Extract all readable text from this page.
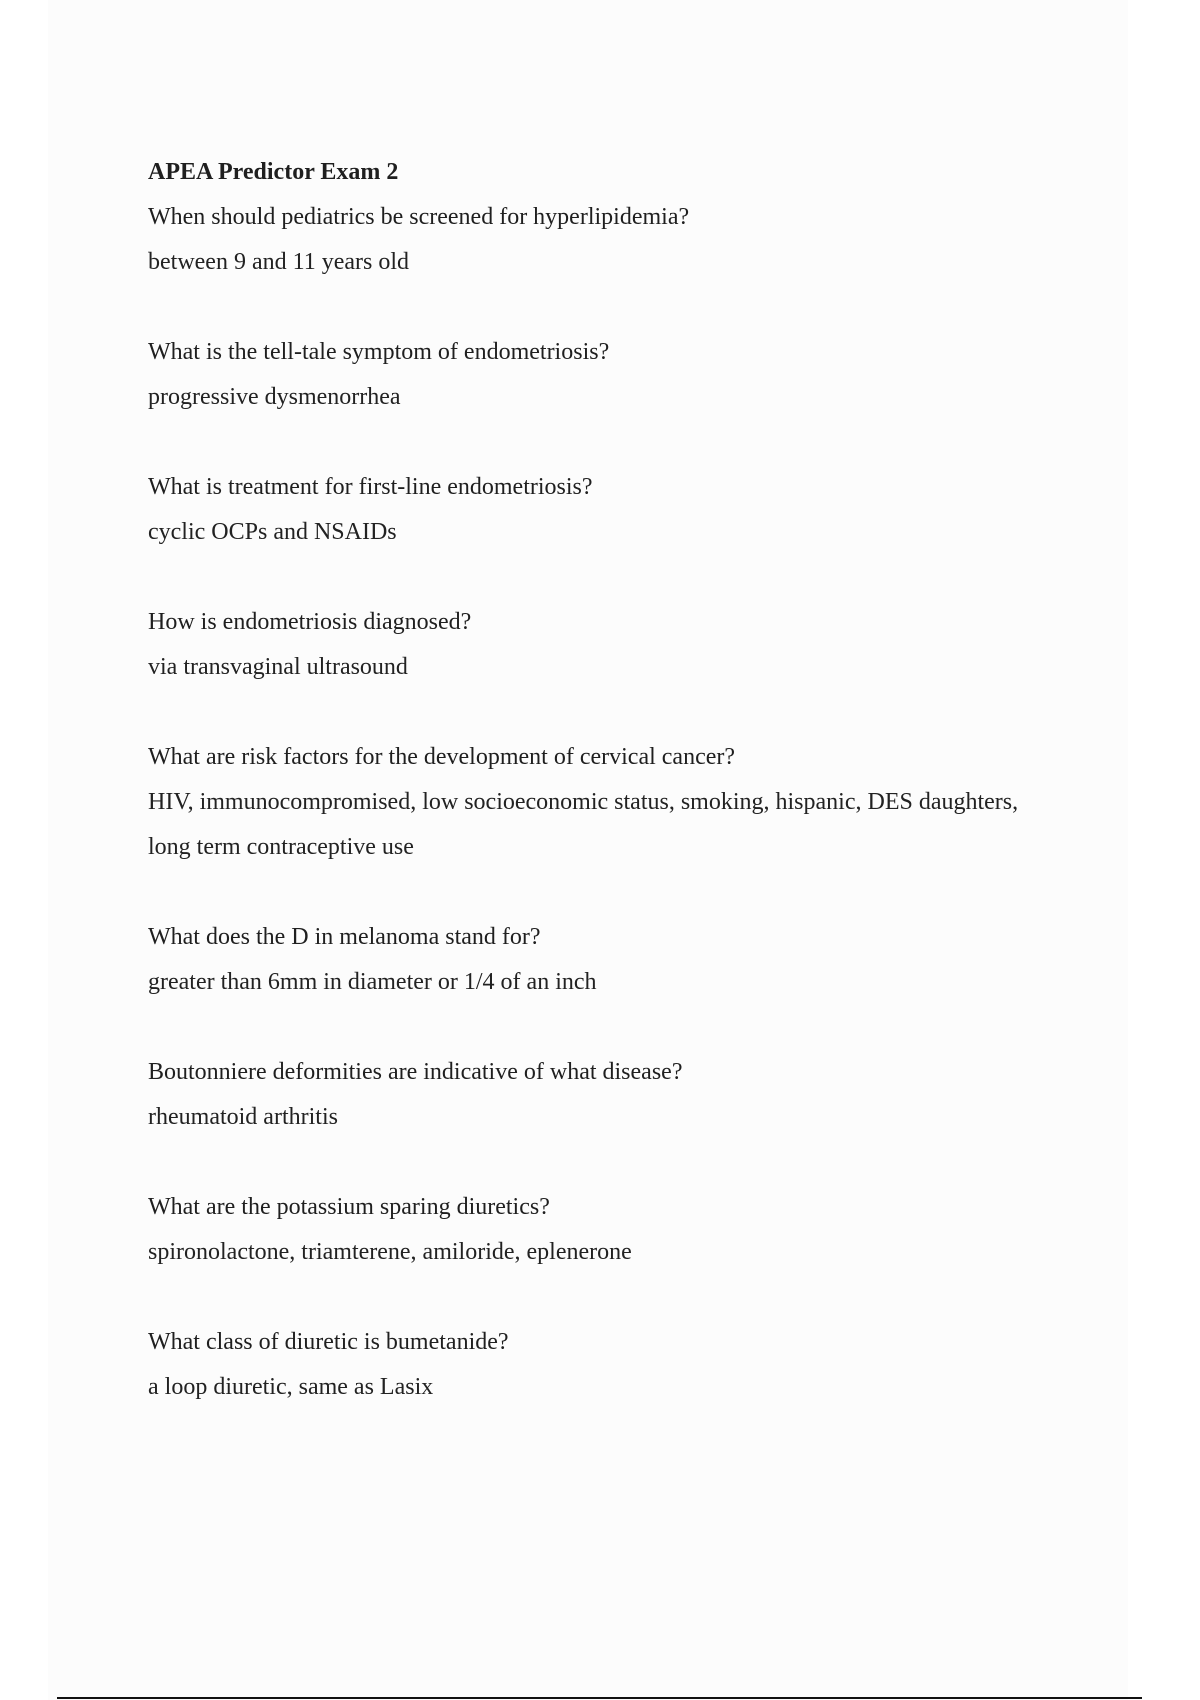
APEA Predictor Exam 2
When should pediatrics be screened for hyperlipidemia?
between 9 and 11 years old
What is the tell-tale symptom of endometriosis?
progressive dysmenorrhea
What is treatment for first-line endometriosis?
cyclic OCPs and NSAIDs
How is endometriosis diagnosed?
via transvaginal ultrasound
What are risk factors for the development of cervical cancer?
HIV, immunocompromised, low socioeconomic status, smoking, hispanic, DES daughters, long term contraceptive use
What does the D in melanoma stand for?
greater than 6mm in diameter or 1/4 of an inch
Boutonniere deformities are indicative of what disease?
rheumatoid arthritis
What are the potassium sparing diuretics?
spironolactone, triamterene, amiloride, eplenerone
What class of diuretic is bumetanide?
a loop diuretic, same as Lasix
